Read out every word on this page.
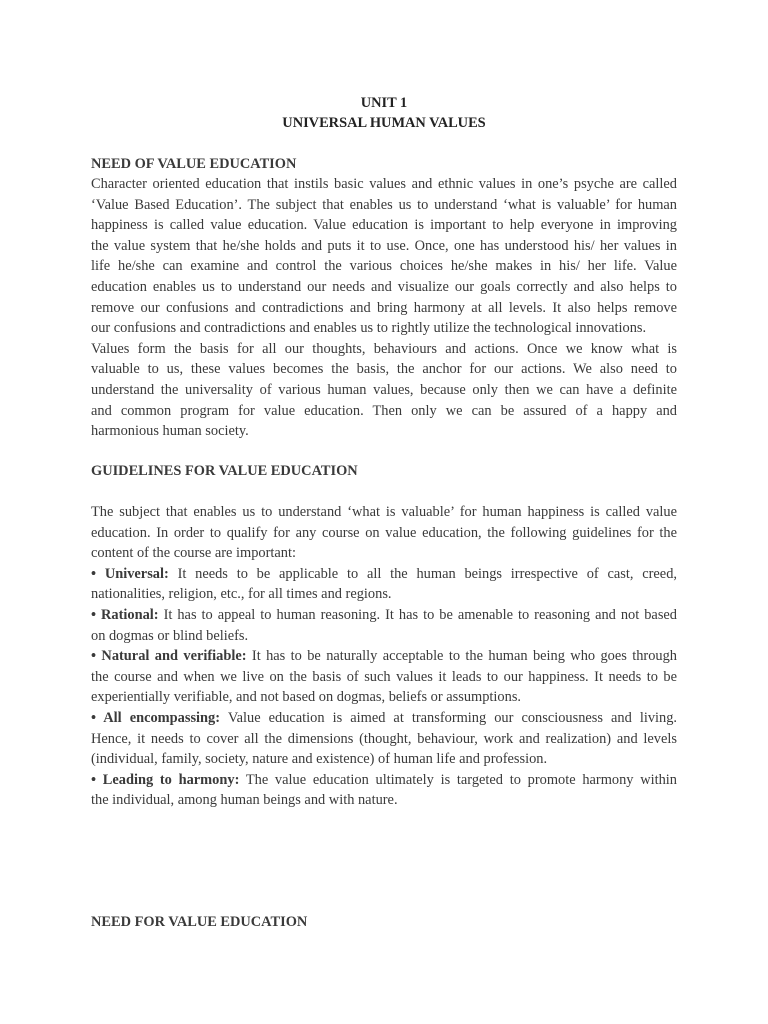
UNIT 1
UNIVERSAL HUMAN VALUES
NEED OF VALUE EDUCATION
Character oriented education that instils basic values and ethnic values in one’s psyche are called
‘Value Based Education’. The subject that enables us to understand ‘what is valuable’ for human
happiness is called value education. Value education is important to help everyone in improving
the value system that he/she holds and puts it to use. Once, one has understood his/ her values in
life he/she can examine and control the various choices he/she makes in his/ her life. Value
education enables us to understand our needs and visualize our goals correctly and also helps to
remove our confusions and contradictions and bring harmony at all levels. It also helps remove
our confusions and contradictions and enables us to rightly utilize the technological innovations.
Values form the basis for all our thoughts, behaviours and actions. Once we know what is
valuable to us, these values becomes the basis, the anchor for our actions. We also need to
understand the universality of various human values, because only then we can have a definite
and common program for value education. Then only we can be assured of a happy and
harmonious human society.
GUIDELINES FOR VALUE EDUCATION
The subject that enables us to understand ‘what is valuable’ for human happiness is called value
education. In order to qualify for any course on value education, the following guidelines for the
content of the course are important:
• Universal: It needs to be applicable to all the human beings irrespective of cast, creed,
nationalities, religion, etc., for all times and regions.
• Rational: It has to appeal to human reasoning. It has to be amenable to reasoning and not based
on dogmas or blind beliefs.
• Natural and verifiable: It has to be naturally acceptable to the human being who goes through
the course and when we live on the basis of such values it leads to our happiness. It needs to be
experientially verifiable, and not based on dogmas, beliefs or assumptions.
• All encompassing: Value education is aimed at transforming our consciousness and living.
Hence, it needs to cover all the dimensions (thought, behaviour, work and realization) and levels
(individual, family, society, nature and existence) of human life and profession.
• Leading to harmony: The value education ultimately is targeted to promote harmony within
the individual, among human beings and with nature.
NEED FOR VALUE EDUCATION
